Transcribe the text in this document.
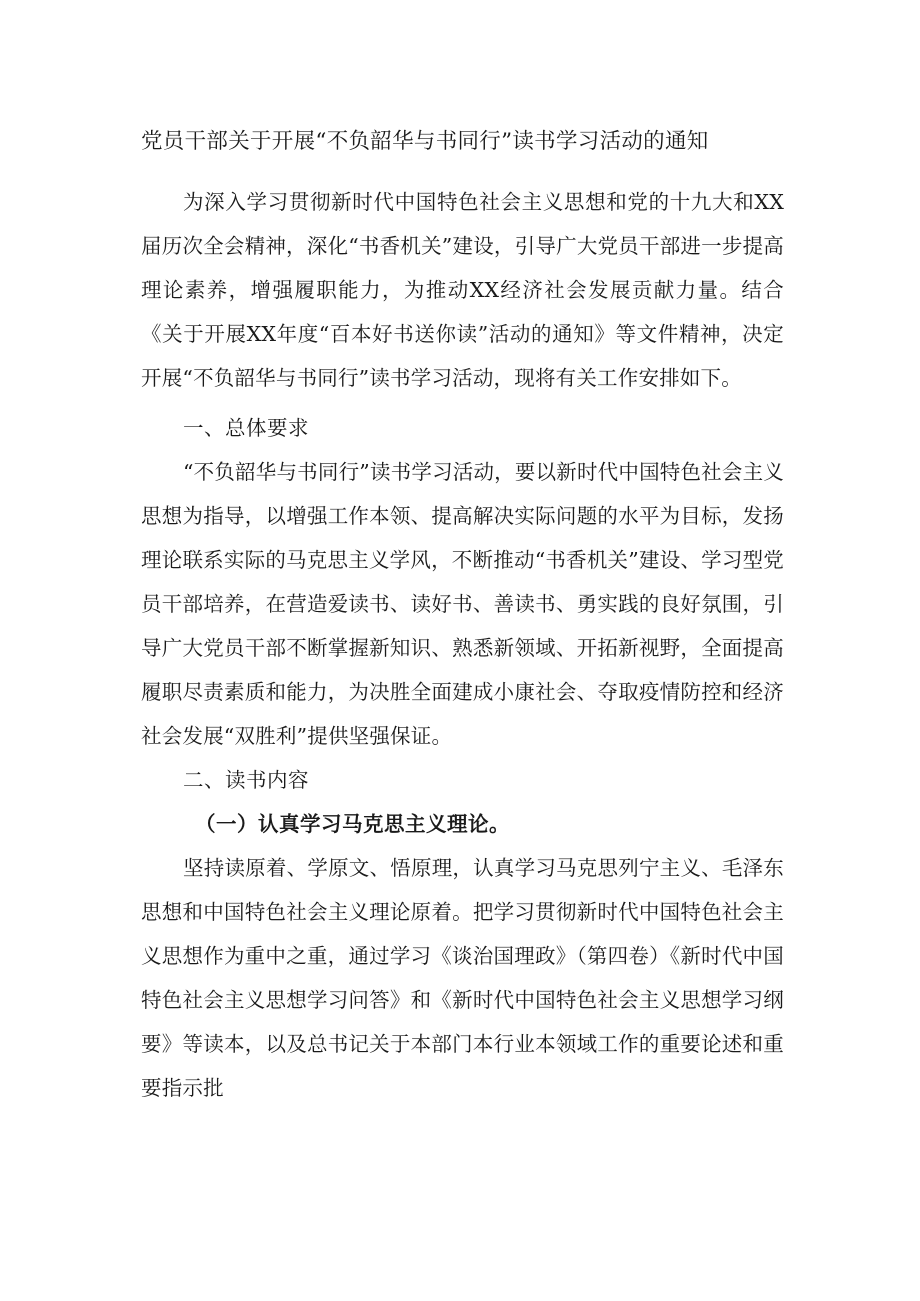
党员干部关于开展“不负韶华与书同行”读书学习活动的通知

为深入学习贯彻新时代中国特色社会主义思想和党的十九大和XX届历次全会精神，深化“书香机关”建设，引导广大党员干部进一步提高理论素养，增强履职能力，为推动XX经济社会发展贡献力量。结合《关于开展XX年度“百本好书送你读”活动的通知》等文件精神，决定开展“不负韶华与书同行”读书学习活动，现将有关工作安排如下。

一、总体要求

“不负韶华与书同行”读书学习活动，要以新时代中国特色社会主义思想为指导，以增强工作本领、提高解决实际问题的水平为目标，发扬理论联系实际的马克思主义学风，不断推动“书香机关”建设、学习型党员干部培养，在营造爱读书、读好书、善读书、勇实践的良好氛围，引导广大党员干部不断掌握新知识、熟悉新领域、开拓新视野，全面提高履职尽责素质和能力，为决胜全面建成小康社会、夺取疫情防控和经济社会发展“双胜利”提供坚强保证。

二、读书内容

（一）认真学习马克思主义理论。

坚持读原着、学原文、悟原理，认真学习马克思列宁主义、毛泽东思想和中国特色社会主义理论原着。把学习贯彻新时代中国特色社会主义思想作为重中之重，通过学习《谈治国理政》（第四卷）《新时代中国特色社会主义思想学习问答》和《新时代中国特色社会主义思想学习纲要》等读本，以及总书记关于本部门本行业本领域工作的重要论述和重要指示批
